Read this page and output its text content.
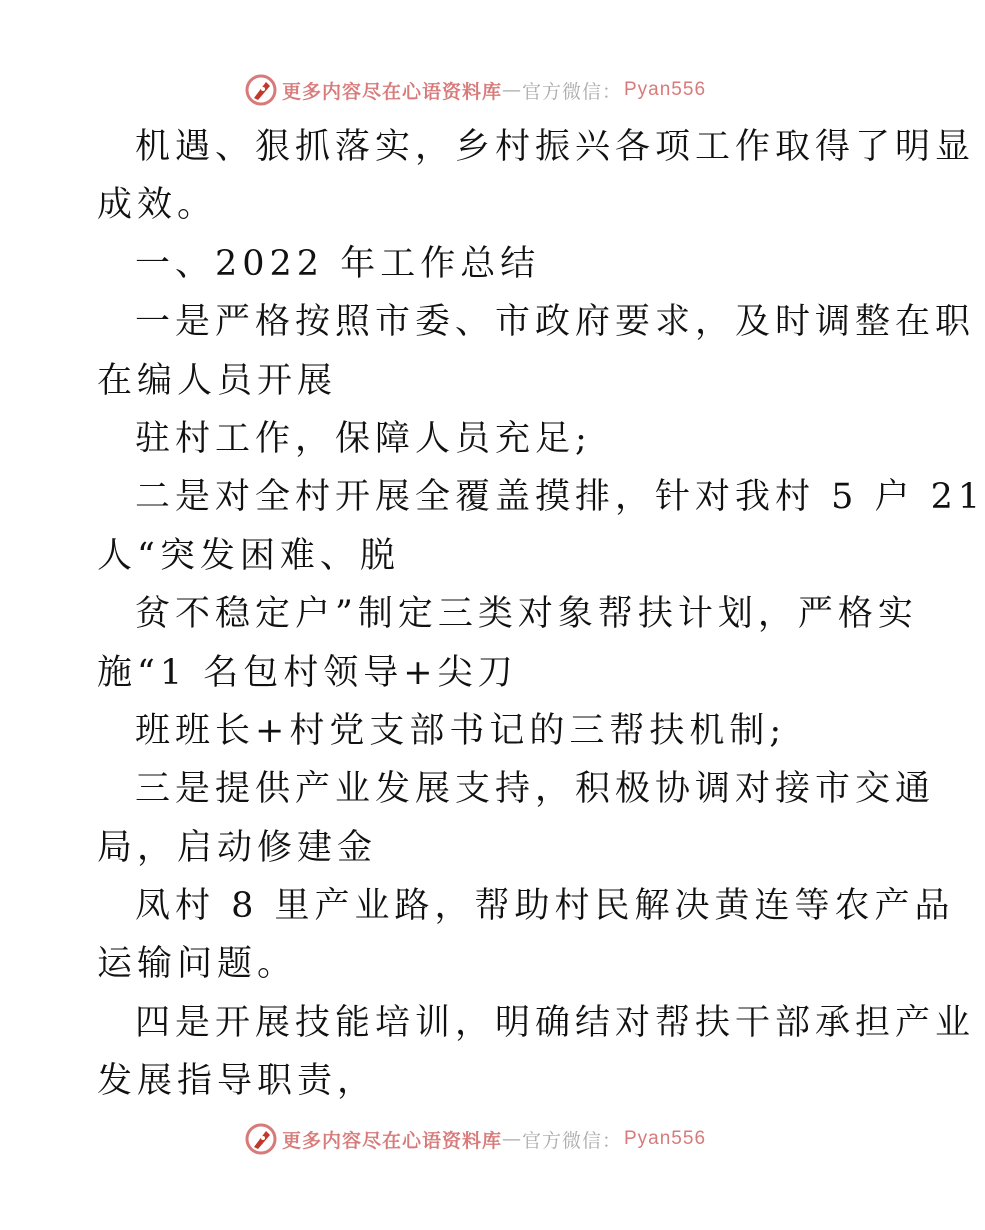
更多内容尽在心语资料库 — 官方微信： Pyan556
机遇、狠抓落实，乡村振兴各项工作取得了明显
成效。
一、2022 年工作总结
一是严格按照市委、市政府要求，及时调整在职
在编人员开展
驻村工作，保障人员充足;
二是对全村开展全覆盖摸排，针对我村 5 户 21
人“突发困难、脱
贫不稳定户”制定三类对象帮扶计划，严格实
施“1 名包村领导+尖刀
班班长+村党支部书记的三帮扶机制;
三是提供产业发展支持，积极协调对接市交通
局，启动修建金
凤村 8 里产业路，帮助村民解决黄连等农产品
运输问题。
四是开展技能培训，明确结对帮扶干部承担产业
发展指导职责，
更多内容尽在心语资料库 — 官方微信： Pyan556
